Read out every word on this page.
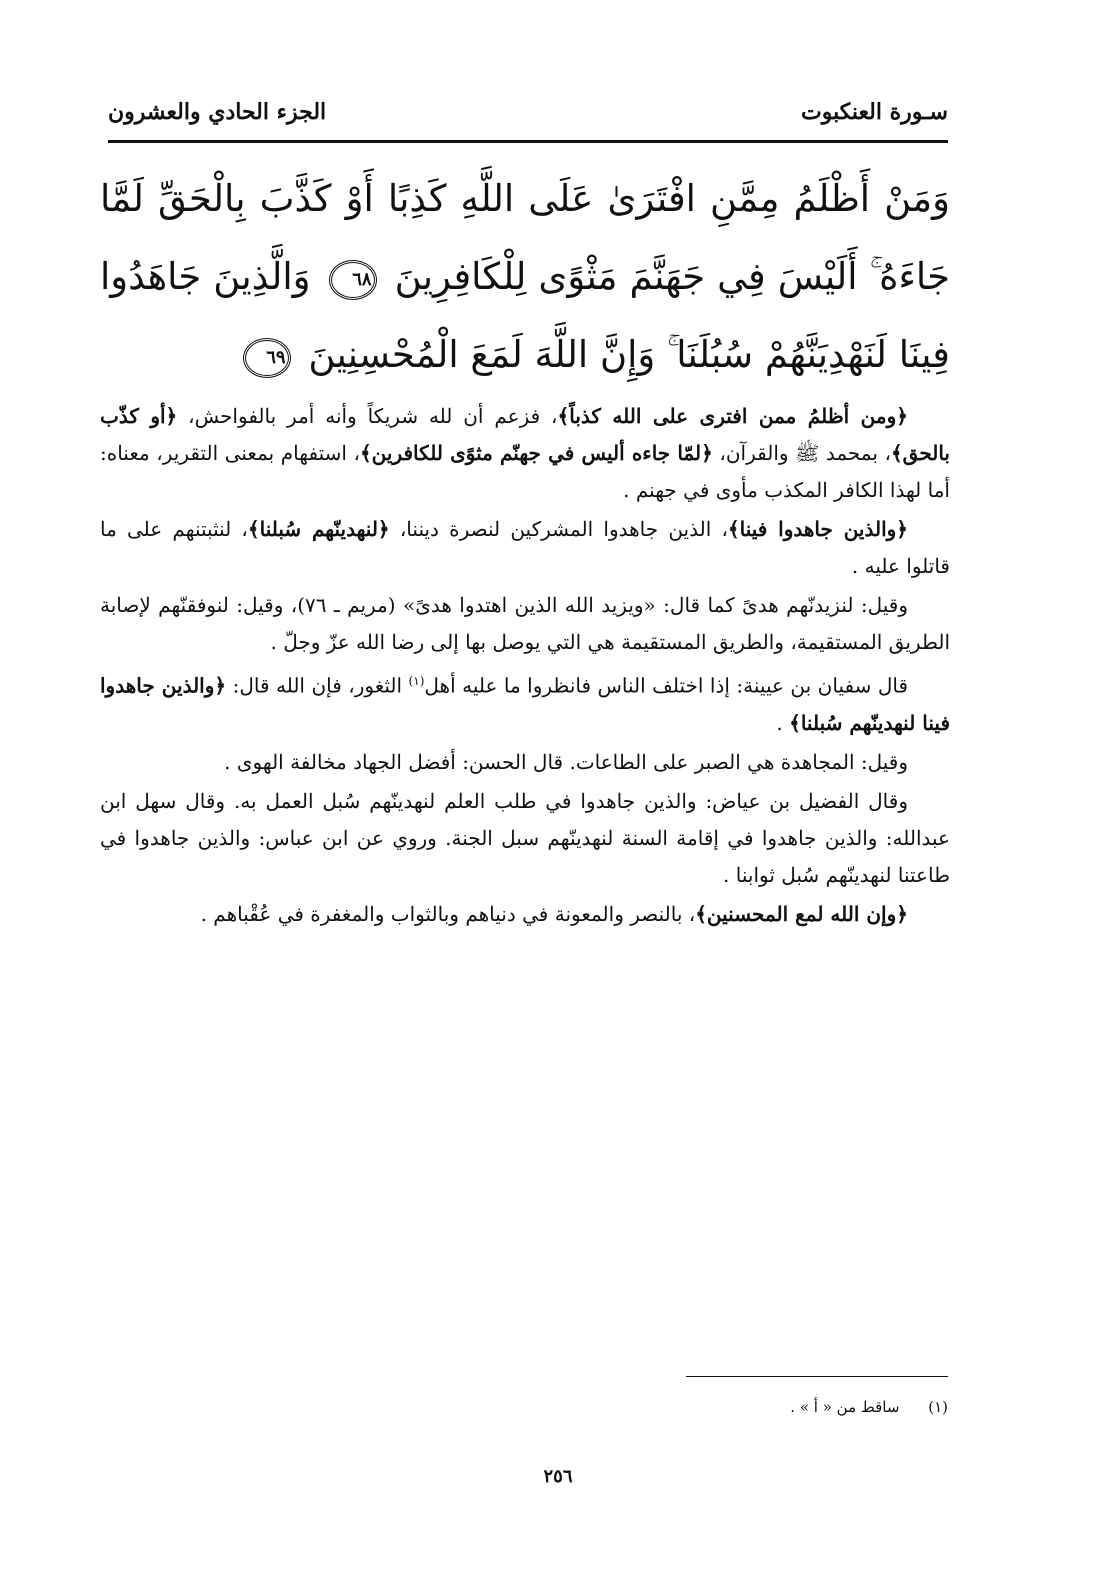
سـورة العنكبوت
الجزء الحادي والعشرون
وَمَنْ أَظْلَمُ مِمَّنِ افْتَرَىٰ عَلَى اللَّهِ كَذِبًا أَوْ كَذَّبَ بِالْحَقِّ لَمَّا جَاءَهُ ۚ أَلَيْسَ فِي جَهَنَّمَ مَثْوًى لِلْكَافِرِينَ ٦٨ وَالَّذِينَ جَاهَدُوا فِينَا لَنَهْدِيَنَّهُمْ سُبُلَنَا ۚ وَإِنَّ اللَّهَ لَمَعَ الْمُحْسِنِينَ ٦٩

﴿ومن أظلمُ ممن افترى على الله كذباً﴾، فزعم أن لله شريكاً وأنه أمر بالفواحش، ﴿أو كذّب بالحق﴾، بمحمد ﷺ والقرآن، ﴿لمّا جاءه أليس في جهنّم مثوًى للكافرين﴾، استفهام بمعنى التقرير، معناه: أما لهذا الكافر المكذب مأوى في جهنم .

﴿والذين جاهدوا فينا﴾، الذين جاهدوا المشركين لنصرة ديننا، ﴿لنهدينّهم سُبلنا﴾، لنثبتنهم على ما قاتلوا عليه .

وقيل: لنزيدنّهم هدىً كما قال: «ويزيد الله الذين اهتدوا هدىً» (مريم ـ ٧٦)، وقيل: لنوفقنّهم لإصابة الطريق المستقيمة، والطريق المستقيمة هي التي يوصل بها إلى رضا الله عزّ وجلّ .

قال سفيان بن عيينة: إذا اختلف الناس فانظروا ما عليه أهل$^{(١)}$ الثغور، فإن الله قال: ﴿والذين جاهدوا فينا لنهدينّهم سُبلنا﴾ .

وقيل: المجاهدة هي الصبر على الطاعات. قال الحسن: أفضل الجهاد مخالفة الهوى .

وقال الفضيل بن عياض: والذين جاهدوا في طلب العلم لنهدينّهم سُبل العمل به. وقال سهل ابن عبدالله: والذين جاهدوا في إقامة السنة لنهدينّهم سبل الجنة. وروي عن ابن عباس: والذين جاهدوا في طاعتنا لنهدينّهم سُبل ثوابنا .

﴿وإن الله لمع المحسنين﴾، بالنصر والمعونة في دنياهم وبالثواب والمغفرة في عُقْباهم .

(١) ساقط من « أ » .
٢٥٦
